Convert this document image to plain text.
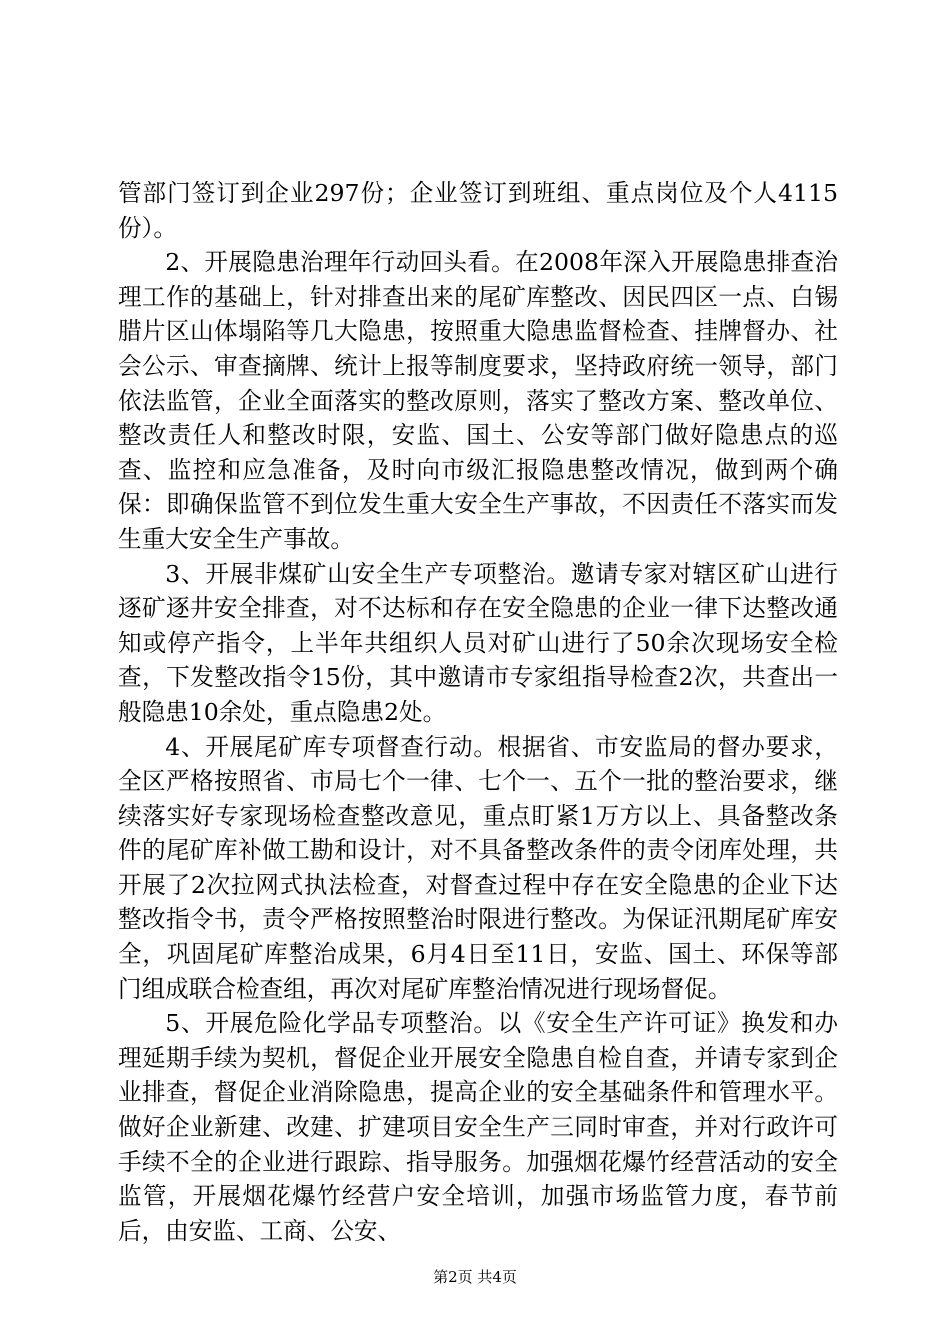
管部门签订到企业297份；企业签订到班组、重点岗位及个人4115份）。

2、开展隐患治理年行动回头看。在2008年深入开展隐患排查治理工作的基础上，针对排查出来的尾矿库整改、因民四区一点、白锡腊片区山体塌陷等几大隐患，按照重大隐患监督检查、挂牌督办、社会公示、审查摘牌、统计上报等制度要求，坚持政府统一领导，部门依法监管，企业全面落实的整改原则，落实了整改方案、整改单位、整改责任人和整改时限，安监、国土、公安等部门做好隐患点的巡查、监控和应急准备，及时向市级汇报隐患整改情况，做到两个确保：即确保监管不到位发生重大安全生产事故，不因责任不落实而发生重大安全生产事故。

3、开展非煤矿山安全生产专项整治。邀请专家对辖区矿山进行逐矿逐井安全排查，对不达标和存在安全隐患的企业一律下达整改通知或停产指令，上半年共组织人员对矿山进行了50余次现场安全检查，下发整改指令15份，其中邀请市专家组指导检查2次，共查出一般隐患10余处，重点隐患2处。

4、开展尾矿库专项督查行动。根据省、市安监局的督办要求，全区严格按照省、市局七个一律、七个一、五个一批的整治要求，继续落实好专家现场检查整改意见，重点盯紧1万方以上、具备整改条件的尾矿库补做工勘和设计，对不具备整改条件的责令闭库处理，共开展了2次拉网式执法检查，对督查过程中存在安全隐患的企业下达整改指令书，责令严格按照整治时限进行整改。为保证汛期尾矿库安全，巩固尾矿库整治成果，6月4日至11日，安监、国土、环保等部门组成联合检查组，再次对尾矿库整治情况进行现场督促。

5、开展危险化学品专项整治。以《安全生产许可证》换发和办理延期手续为契机，督促企业开展安全隐患自检自查，并请专家到企业排查，督促企业消除隐患，提高企业的安全基础条件和管理水平。做好企业新建、改建、扩建项目安全生产三同时审查，并对行政许可手续不全的企业进行跟踪、指导服务。加强烟花爆竹经营活动的安全监管，开展烟花爆竹经营户安全培训，加强市场监管力度，春节前后，由安监、工商、公安、

第2页 共4页
